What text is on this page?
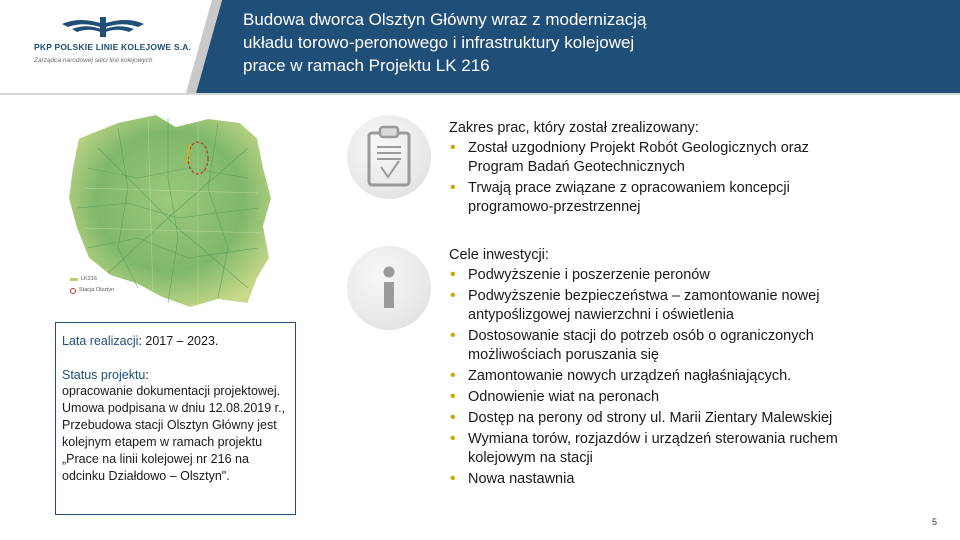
PKP POLSKIE LINIE KOLEJOWE S.A.
Zarządca narodowej sieci linii kolejowych
Budowa dworca Olsztyn Główny wraz z modernizacją
układu torowo-peronowego i infrastruktury kolejowej
prace w ramach Projektu LK 216
LK216
Stacja Olsztyn
Lata realizacji: 2017 – 2023.
Status projektu:
opracowanie dokumentacji projektowej. Umowa podpisana w dniu 12.08.2019 r., Przebudowa stacji Olsztyn Główny jest kolejnym etapem w ramach projektu „Prace na linii kolejowej nr 216 na odcinku Działdowo – Olsztyn".
Zakres prac, który został zrealizowany:
• Został uzgodniony Projekt Robót Geologicznych oraz Program Badań Geotechnicznych
• Trwają prace związane z opracowaniem koncepcji programowo-przestrzennej
Cele inwestycji:
• Podwyższenie i poszerzenie peronów
• Podwyższenie bezpieczeństwa – zamontowanie nowej antypoślizgowej nawierzchni i oświetlenia
• Dostosowanie stacji do potrzeb osób o ograniczonych możliwościach poruszania się
• Zamontowanie nowych urządzeń nagłaśniających.
• Odnowienie wiat na peronach
• Dostęp na perony od strony ul. Marii Zientary Malewskiej
• Wymiana torów, rozjazdów i urządzeń sterowania ruchem kolejowym na stacji
• Nowa nastawnia
5
